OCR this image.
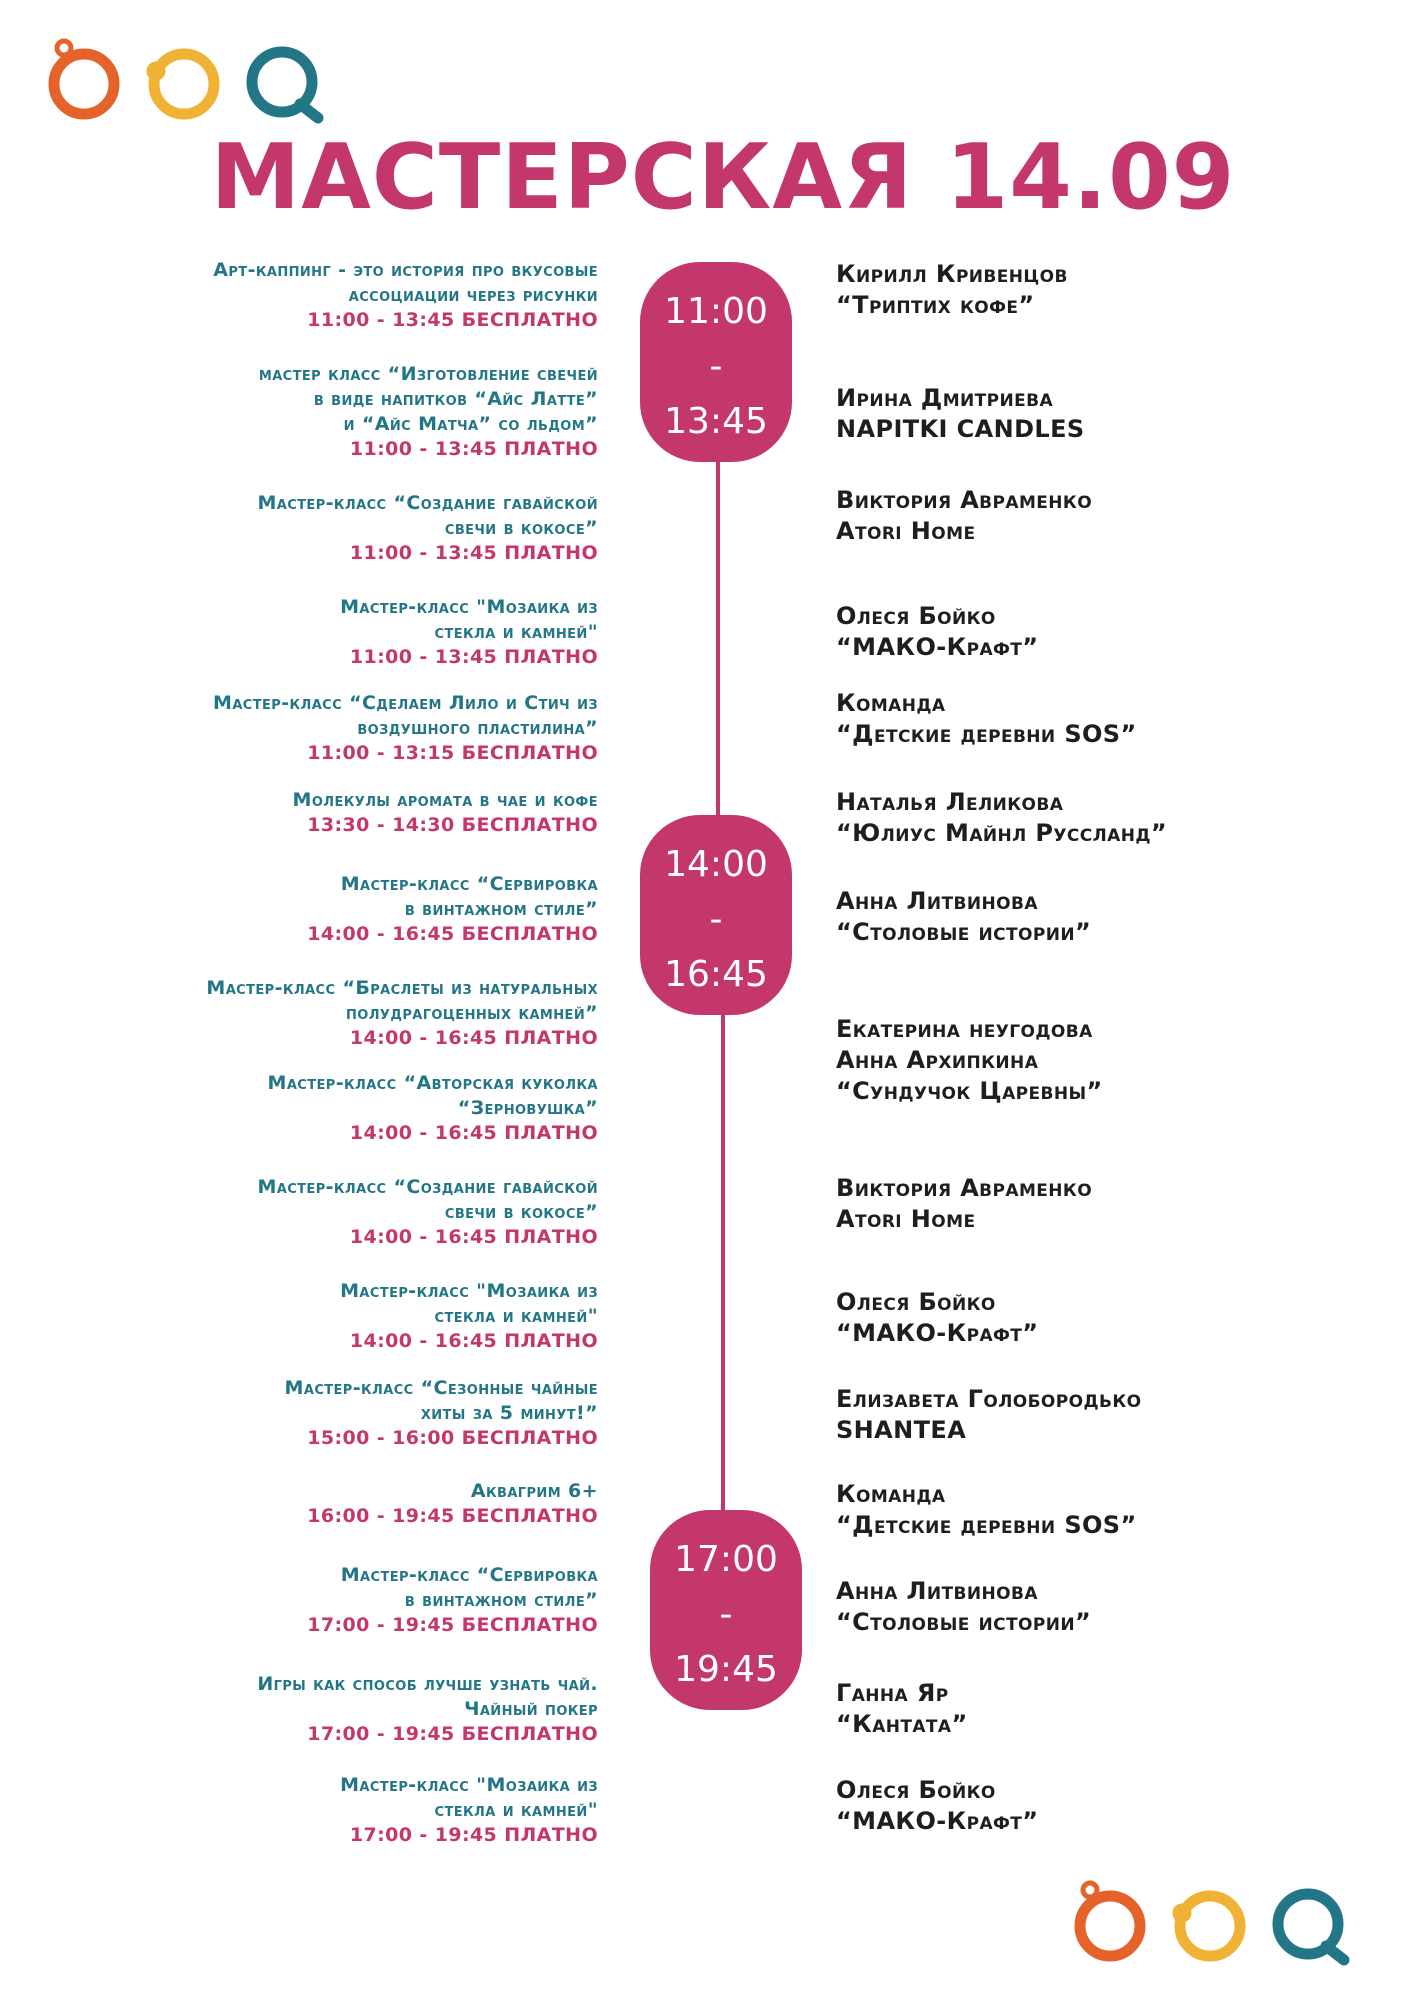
МАСТЕРСКАЯ 14.09
11:00
-
13:45
14:00
-
16:45
17:00
-
19:45
Арт-каппинг - это история про вкусовые
ассоциации через рисунки
11:00 - 13:45 БЕСПЛАТНО
мастер класс “Изготовление свечей
в виде напитков “Айс Латте”
и “Айс Матча” со льдом”
11:00 - 13:45 ПЛАТНО
Мастер-класс “Создание гавайской
свечи в кокосе”
11:00 - 13:45 ПЛАТНО
Мастер-класс "Мозаика из
стекла и камней"
11:00 - 13:45 ПЛАТНО
Мастер-класс “Сделаем Лило и Стич из
воздушного пластилина”
11:00 - 13:15 БЕСПЛАТНО
Молекулы аромата в чае и кофе
13:30 - 14:30 БЕСПЛАТНО
Мастер-класс “Сервировка
в винтажном стиле”
14:00 - 16:45 БЕСПЛАТНО
Мастер-класс “Браслеты из натуральных
полудрагоценных камней”
14:00 - 16:45 ПЛАТНО
Мастер-класс “Авторская куколка
“Зерновушка”
14:00 - 16:45 ПЛАТНО
Мастер-класс “Создание гавайской
свечи в кокосе”
14:00 - 16:45 ПЛАТНО
Мастер-класс "Мозаика из
стекла и камней"
14:00 - 16:45 ПЛАТНО
Мастер-класс “Сезонные чайные
хиты за 5 минут!”
15:00 - 16:00 БЕСПЛАТНО
Аквагрим 6+
16:00 - 19:45 БЕСПЛАТНО
Мастер-класс “Сервировка
в винтажном стиле”
17:00 - 19:45 БЕСПЛАТНО
Игры как способ лучше узнать чай.
Чайный покер
17:00 - 19:45 БЕСПЛАТНО
Мастер-класс "Мозаика из
стекла и камней"
17:00 - 19:45 ПЛАТНО
Кирилл Кривенцов
“Триптих кофе”
Ирина Дмитриева
NAPITKI CANDLES
Виктория Авраменко
Atori Home
Олеся Бойко
“МАКО-Крафт”
Команда
“Детские деревни SOS”
Наталья Леликова
“Юлиус Майнл Руссланд”
Анна Литвинова
“Столовые истории”
Екатерина неугодова
Анна Архипкина
“Сундучок Царевны”
Виктория Авраменко
Atori Home
Олеся Бойко
“МАКО-Крафт”
Елизавета Голобородько
SHANTEA
Команда
“Детские деревни SOS”
Анна Литвинова
“Столовые истории”
Ганна Яр
“Кантата”
Олеся Бойко
“МАКО-Крафт”
